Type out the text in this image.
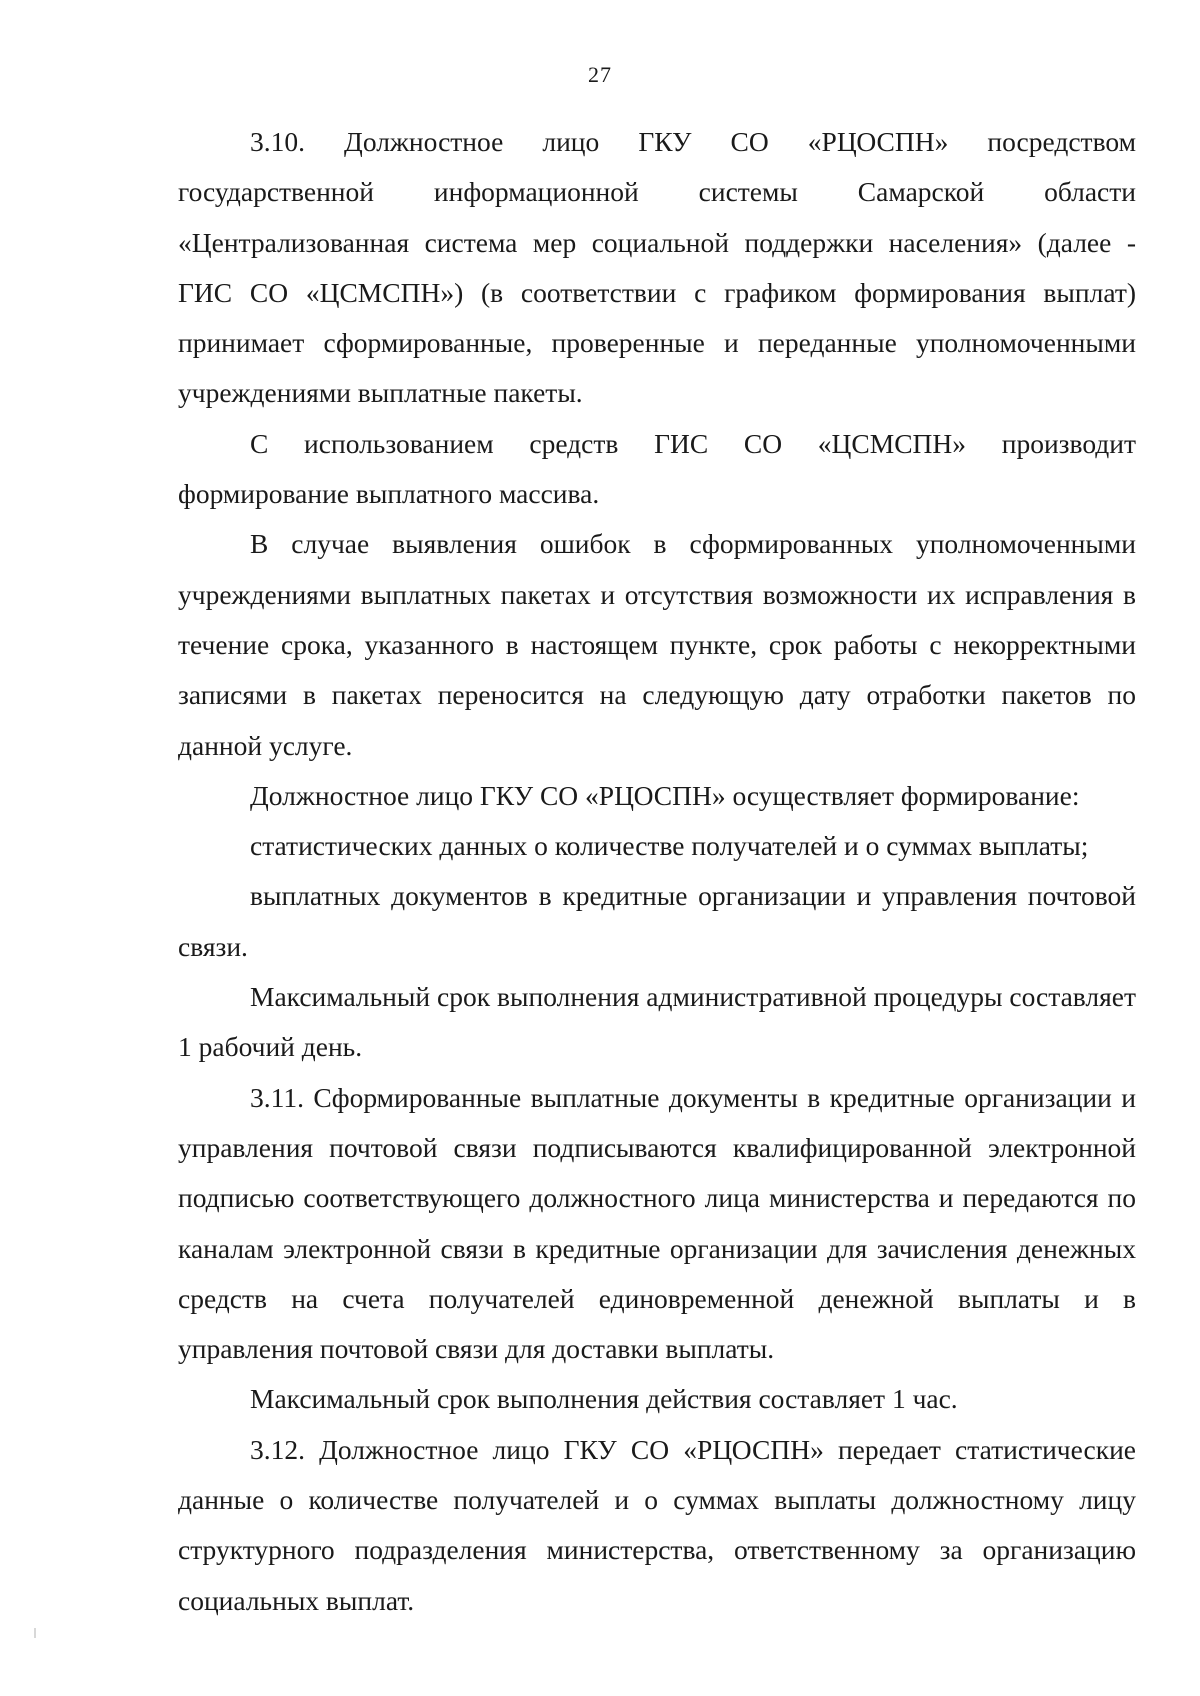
27

3.10. Должностное лицо ГКУ СО «РЦОСПН» посредством государственной информационной системы Самарской области «Централизованная система мер социальной поддержки населения» (далее - ГИС СО «ЦСМСПН») (в соответствии с графиком формирования выплат) принимает сформированные, проверенные и переданные уполномоченными учреждениями выплатные пакеты.

С использованием средств ГИС СО «ЦСМСПН» производит формирование выплатного массива.

В случае выявления ошибок в сформированных уполномоченными учреждениями выплатных пакетах и отсутствия возможности их исправления в течение срока, указанного в настоящем пункте, срок работы с некорректными записями в пакетах переносится на следующую дату отработки пакетов по данной услуге.

Должностное лицо ГКУ СО «РЦОСПН» осуществляет формирование:

статистических данных о количестве получателей и о суммах выплаты;

выплатных документов в кредитные организации и управления почтовой связи.

Максимальный срок выполнения административной процедуры составляет 1 рабочий день.

3.11. Сформированные выплатные документы в кредитные организации и управления почтовой связи подписываются квалифицированной электронной подписью соответствующего должностного лица министерства и передаются по каналам электронной связи в кредитные организации для зачисления денежных средств на счета получателей единовременной денежной выплаты и в управления почтовой связи для доставки выплаты.

Максимальный срок выполнения действия составляет 1 час.

3.12. Должностное лицо ГКУ СО «РЦОСПН» передает статистические данные о количестве получателей и о суммах выплаты должностному лицу структурного подразделения министерства, ответственному за организацию социальных выплат.
